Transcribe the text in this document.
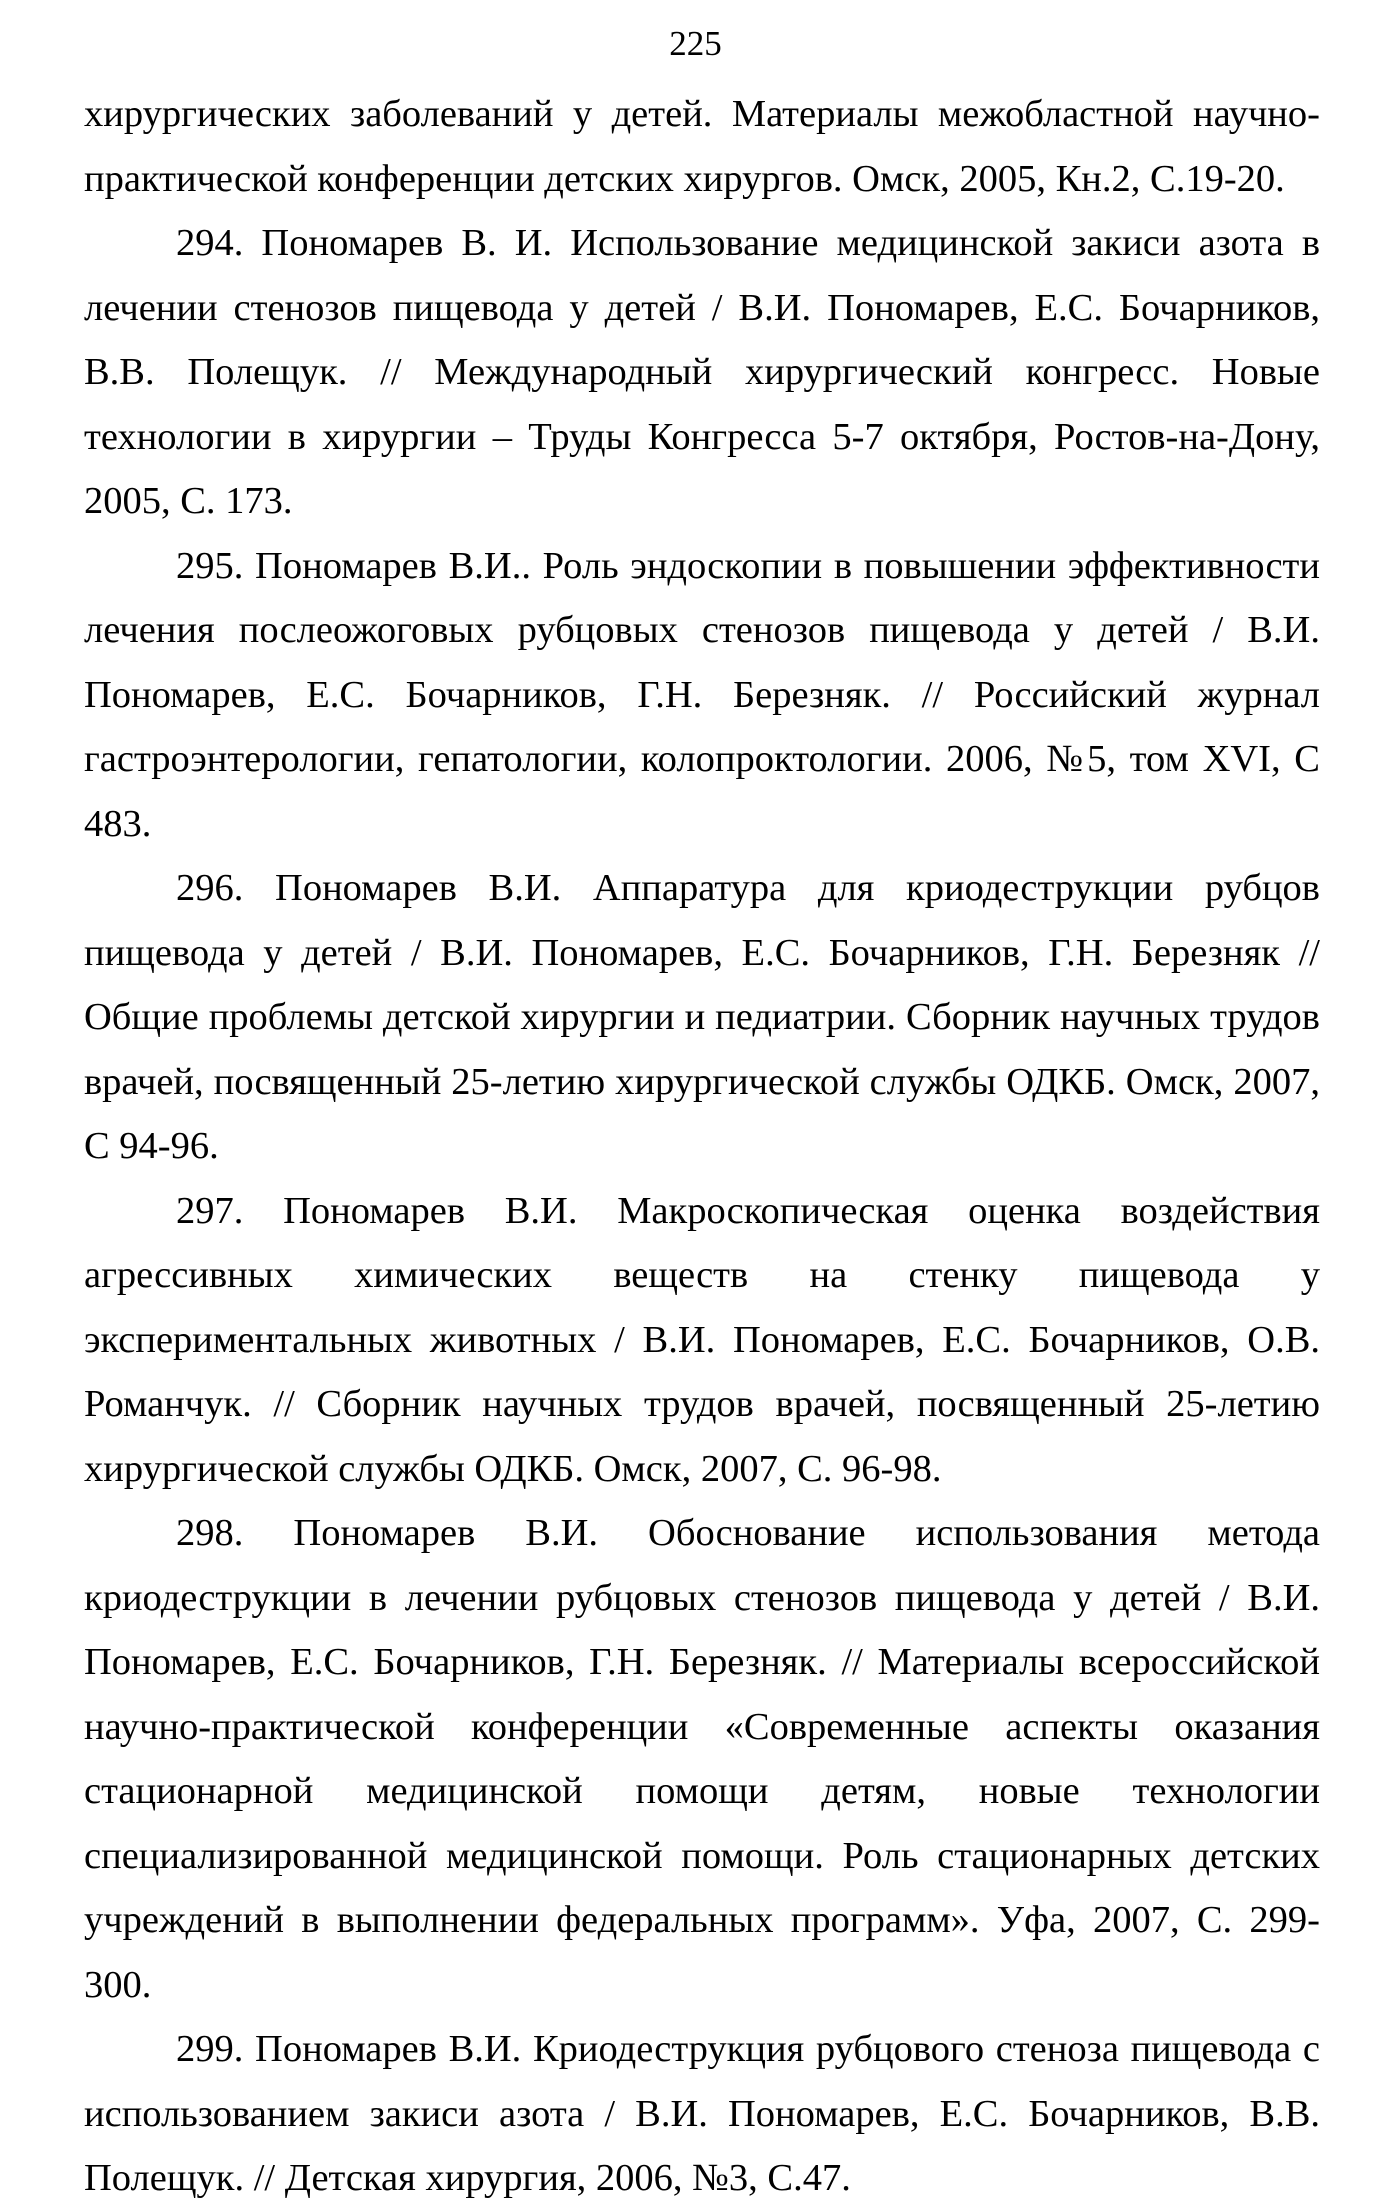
225

хирургических заболеваний у детей. Материалы межобластной научно-практической конференции детских хирургов. Омск, 2005, Кн.2, С.19-20.

294. Пономарев В. И. Использование медицинской закиси азота в лечении стенозов пищевода у детей / В.И. Пономарев, Е.С. Бочарников, В.В. Полещук. // Международный хирургический конгресс. Новые технологии в хирургии – Труды Конгресса 5-7 октября, Ростов-на-Дону, 2005, С. 173.

295. Пономарев В.И.. Роль эндоскопии в повышении эффективности лечения послеожоговых рубцовых стенозов пищевода у детей / В.И. Пономарев, Е.С. Бочарников, Г.Н. Березняк. // Российский журнал гастроэнтерологии, гепатологии, колопроктологии. 2006, №5, том XVI, С 483.

296. Пономарев В.И. Аппаратура для криодеструкции рубцов пищевода у детей / В.И. Пономарев, Е.С. Бочарников, Г.Н. Березняк // Общие проблемы детской хирургии и педиатрии. Сборник научных трудов врачей, посвященный 25-летию хирургической службы ОДКБ. Омск, 2007, С 94-96.

297. Пономарев В.И. Макроскопическая оценка воздействия агрессивных химических веществ на стенку пищевода у экспериментальных животных / В.И. Пономарев, Е.С. Бочарников, О.В. Романчук. // Сборник научных трудов врачей, посвященный 25-летию хирургической службы ОДКБ. Омск, 2007, С. 96-98.

298. Пономарев В.И. Обоснование использования метода криодеструкции в лечении рубцовых стенозов пищевода у детей / В.И. Пономарев, Е.С. Бочарников, Г.Н. Березняк. // Материалы всероссийской научно-практической конференции «Современные аспекты оказания стационарной медицинской помощи детям, новые технологии специализированной медицинской помощи. Роль стационарных детских учреждений в выполнении федеральных программ». Уфа, 2007, С. 299-300.

299. Пономарев В.И. Криодеструкция рубцового стеноза пищевода с использованием закиси азота / В.И. Пономарев, Е.С. Бочарников, В.В. Полещук. // Детская хирургия, 2006, №3, С.47.
